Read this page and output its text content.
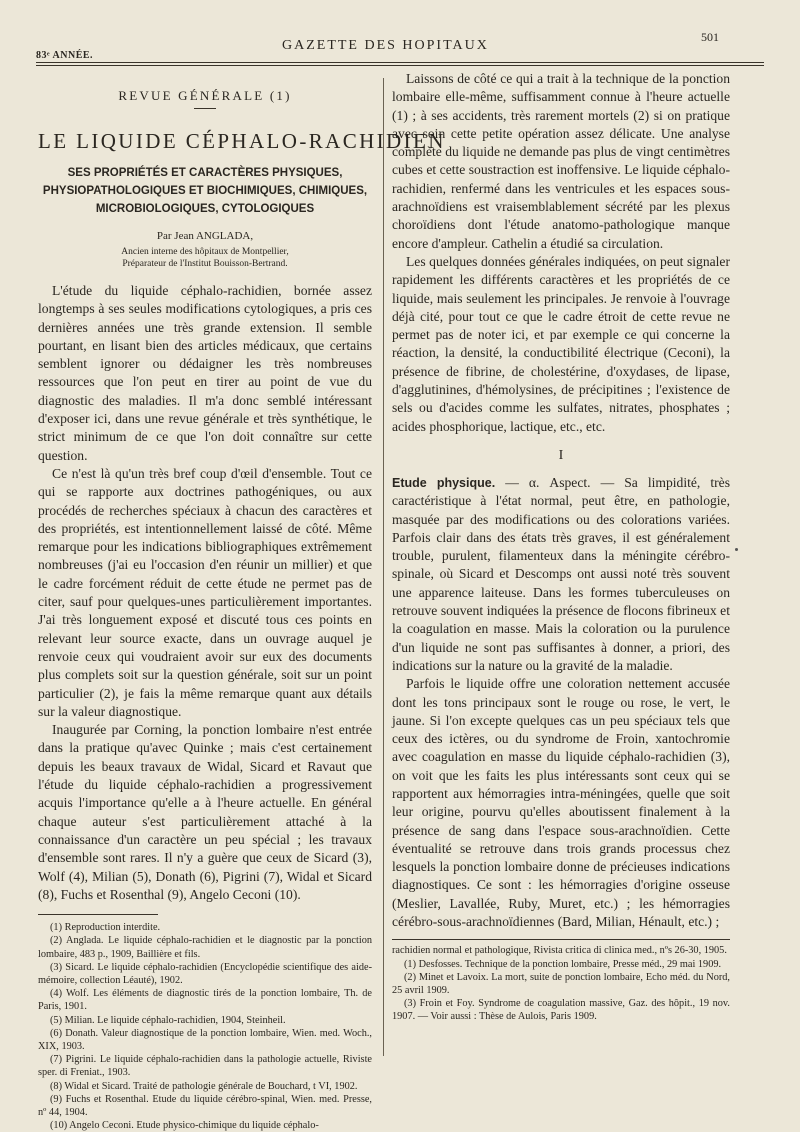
83ᵉ ANNÉE.
GAZETTE DES HOPITAUX
501
REVUE GÉNÉRALE (1)
LE LIQUIDE CÉPHALO-RACHIDIEN
SES PROPRIÉTÉS ET CARACTÈRES PHYSIQUES,
PHYSIOPATHOLOGIQUES ET BIOCHIMIQUES, CHIMIQUES,
MICROBIOLOGIQUES, CYTOLOGIQUES
Par Jean ANGLADA,
Ancien interne des hôpitaux de Montpellier,
Préparateur de l'Institut Bouisson-Bertrand.

L'étude du liquide céphalo-rachidien, bornée assez longtemps à ses seules modifications cytologiques, a pris ces dernières années une très grande extension. Il semble pourtant, en lisant bien des articles médicaux, que certains semblent ignorer ou dédaigner les très nombreuses ressources que l'on peut en tirer au point de vue du diagnostic des maladies. Il m'a donc semblé intéressant d'exposer ici, dans une revue générale et très synthétique, le strict minimum de ce que l'on doit connaître sur cette question.

Ce n'est là qu'un très bref coup d'œil d'ensemble. Tout ce qui se rapporte aux doctrines pathogéniques, ou aux procédés de recherches spéciaux à chacun des caractères et des propriétés, est intentionnellement laissé de côté. Même remarque pour les indications bibliographiques extrêmement nombreuses (j'ai eu l'occasion d'en réunir un millier) et que le cadre forcément réduit de cette étude ne permet pas de citer, sauf pour quelques-unes particulièrement importantes. J'ai très longuement exposé et discuté tous ces points en relevant leur source exacte, dans un ouvrage auquel je renvoie ceux qui voudraient avoir sur eux des documents plus complets soit sur la question générale, soit sur un point particulier (2), je fais la même remarque quant aux détails sur la valeur diagnostique.

Inaugurée par Corning, la ponction lombaire n'est entrée dans la pratique qu'avec Quinke ; mais c'est certainement depuis les beaux travaux de Widal, Sicard et Ravaut que l'étude du liquide céphalo-rachidien a progressivement acquis l'importance qu'elle a à l'heure actuelle. En général chaque auteur s'est particulièrement attaché à la connaissance d'un caractère un peu spécial ; les travaux d'ensemble sont rares. Il n'y a guère que ceux de Sicard (3), Wolf (4), Milian (5), Donath (6), Pigrini (7), Widal et Sicard (8), Fuchs et Rosenthal (9), Angelo Ceconi (10).

(1) Reproduction interdite.

(2) Anglada. Le liquide céphalo-rachidien et le diagnostic par la ponction lombaire, 483 p., 1909, Baillière et fils.

(3) Sicard. Le liquide céphalo-rachidien (Encyclopédie scientifique des aide-mémoire, collection Léauté), 1902.

(4) Wolf. Les éléments de diagnostic tirés de la ponction lombaire, Th. de Paris, 1901.

(5) Milian. Le liquide céphalo-rachidien, 1904, Steinheil.

(6) Donath. Valeur diagnostique de la ponction lombaire, Wien. med. Woch., XIX, 1903.

(7) Pigrini. Le liquide céphalo-rachidien dans la pathologie actuelle, Riviste sper. di Freniat., 1903.

(8) Widal et Sicard. Traité de pathologie générale de Bouchard, t VI, 1902.

(9) Fuchs et Rosenthal. Etude du liquide cérébro-spinal, Wien. med. Presse, nº 44, 1904.

(10) Angelo Ceconi. Etude physico-chimique du liquide céphalo-

Laissons de côté ce qui a trait à la technique de la ponction lombaire elle-même, suffisamment connue à l'heure actuelle (1) ; à ses accidents, très rarement mortels (2) si on pratique avec soin cette petite opération assez délicate. Une analyse complète du liquide ne demande pas plus de vingt centimètres cubes et cette soustraction est inoffensive. Le liquide céphalo-rachidien, renfermé dans les ventricules et les espaces sous-arachnoïdiens est vraisemblablement sécrété par les plexus choroïdiens dont l'étude anatomo-pathologique manque encore d'ampleur. Cathelin a étudié sa circulation.

Les quelques données générales indiquées, on peut signaler rapidement les différents caractères et les propriétés de ce liquide, mais seulement les principales. Je renvoie à l'ouvrage déjà cité, pour tout ce que le cadre étroit de cette revue ne permet pas de noter ici, et par exemple ce qui concerne la réaction, la densité, la conductibilité électrique (Ceconi), la présence de fibrine, de cholestérine, d'oxydases, de lipase, d'agglutinines, d'hémolysines, de précipitines ; l'existence de sels ou d'acides comme les sulfates, nitrates, phosphates ; acides phosphorique, lactique, etc., etc.

I

Etude physique. — α. Aspect. — Sa limpidité, très caractéristique à l'état normal, peut être, en pathologie, masquée par des modifications ou des colorations variées. Parfois clair dans des états très graves, il est généralement trouble, purulent, filamenteux dans la méningite cérébro-spinale, où Sicard et Descomps ont aussi noté très souvent une apparence laiteuse. Dans les formes tuberculeuses on retrouve souvent indiquées la présence de flocons fibrineux et la coagulation en masse. Mais la coloration ou la purulence d'un liquide ne sont pas suffisantes à donner, a priori, des indications sur la nature ou la gravité de la maladie.

Parfois le liquide offre une coloration nettement accusée dont les tons principaux sont le rouge ou rose, le vert, le jaune. Si l'on excepte quelques cas un peu spéciaux tels que ceux des ictères, ou du syndrome de Froin, xantochromie avec coagulation en masse du liquide céphalo-rachidien (3), on voit que les faits les plus intéressants sont ceux qui se rapportent aux hémorragies intra-méningées, quelle que soit leur origine, pourvu qu'elles aboutissent finalement à la présence de sang dans l'espace sous-arachnoïdien. Cette éventualité se retrouve dans trois grands processus chez lesquels la ponction lombaire donne de précieuses indications diagnostiques. Ce sont : les hémorragies d'origine osseuse (Meslier, Lavallée, Ruby, Muret, etc.) ; les hémorragies cérébro-sous-arachnoïdiennes (Bard, Milian, Hénault, etc.) ;

rachidien normal et pathologique, Rivista critica di clinica med., nºs 26-30, 1905.

(1) Desfosses. Technique de la ponction lombaire, Presse méd., 29 mai 1909.

(2) Minet et Lavoix. La mort, suite de ponction lombaire, Echo méd. du Nord, 25 avril 1909.

(3) Froin et Foy. Syndrome de coagulation massive, Gaz. des hôpit., 19 nov. 1907. — Voir aussi : Thèse de Aulois, Paris 1909.
